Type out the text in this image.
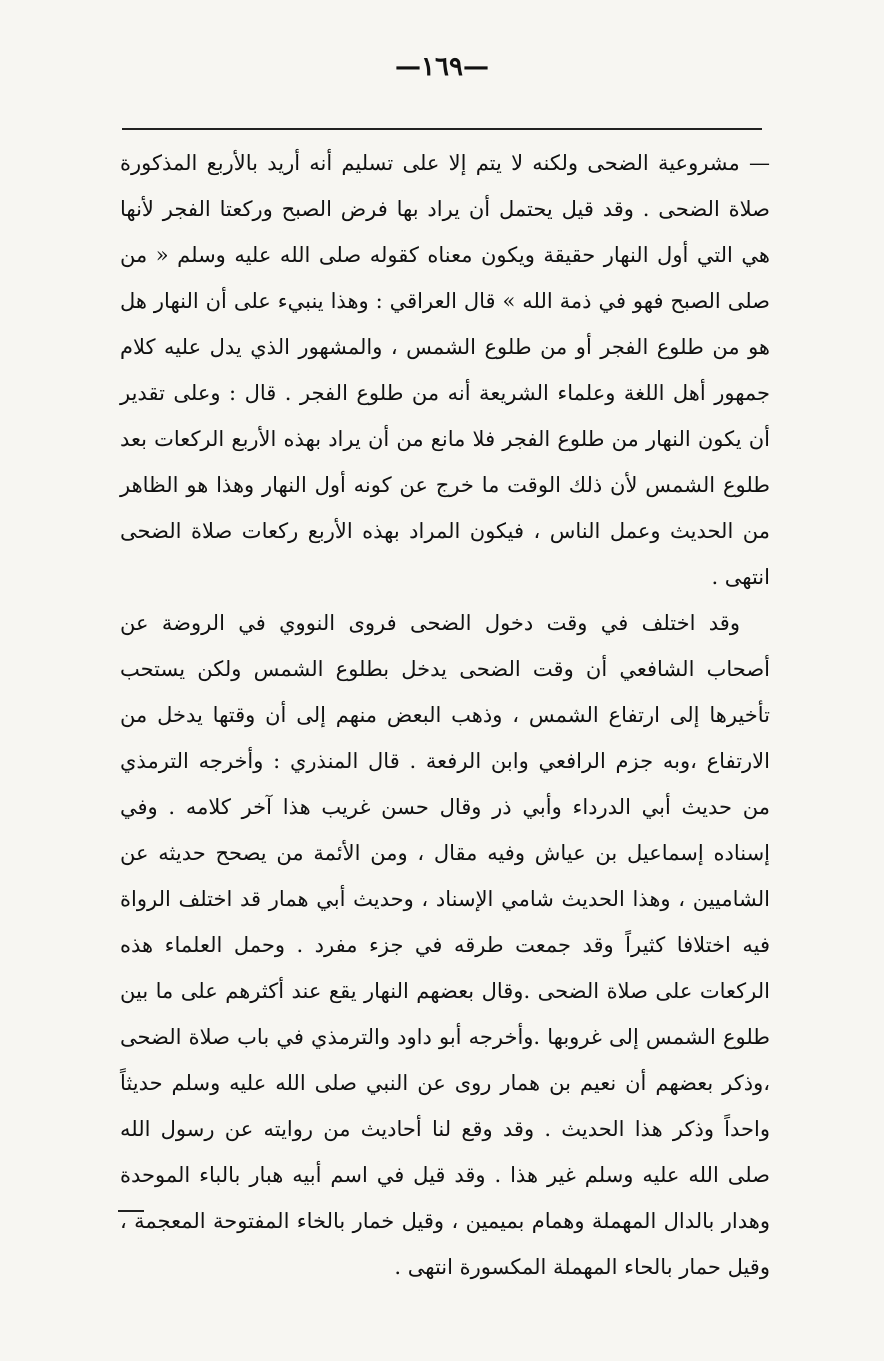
—١٦٩—

— مشروعية الضحى ولكنه لا يتم إلا على تسليم أنه أريد بالأربع المذكورة صلاة الضحى . وقد قيل يحتمل أن يراد بها فرض الصبح وركعتا الفجر لأنها هي التي أول النهار حقيقة ويكون معناه كقوله صلى الله عليه وسلم « من صلى الصبح فهو في ذمة الله » قال العراقي : وهذا ينبيء على أن النهار هل هو من طلوع الفجر أو من طلوع الشمس ، والمشهور الذي يدل عليه كلام جمهور أهل اللغة وعلماء الشريعة أنه من طلوع الفجر . قال : وعلى تقدير أن يكون النهار من طلوع الفجر فلا مانع من أن يراد بهذه الأربع الركعات بعد طلوع الشمس لأن ذلك الوقت ما خرج عن كونه أول النهار وهذا هو الظاهر من الحديث وعمل الناس ، فيكون المراد بهذه الأربع ركعات صلاة الضحى انتهى .

وقد اختلف في وقت دخول الضحى فروى النووي في الروضة عن أصحاب الشافعي أن وقت الضحى يدخل بطلوع الشمس ولكن يستحب تأخيرها إلى ارتفاع الشمس ، وذهب البعض منهم إلى أن وقتها يدخل من الارتفاع ،وبه جزم الرافعي وابن الرفعة . قال المنذري : وأخرجه الترمذي من حديث أبي الدرداء وأبي ذر وقال حسن غريب هذا آخر كلامه . وفي إسناده إسماعيل بن عياش وفيه مقال ، ومن الأئمة من يصحح حديثه عن الشاميين ، وهذا الحديث شامي الإسناد ، وحديث أبي همار قد اختلف الرواة فيه اختلافا كثيراً وقد جمعت طرقه في جزء مفرد . وحمل العلماء هذه الركعات على صلاة الضحى .وقال بعضهم النهار يقع عند أكثرهم على ما بين طلوع الشمس إلى غروبها .وأخرجه أبو داود والترمذي في باب صلاة الضحى ،وذكر بعضهم أن نعيم بن همار روى عن النبي صلى الله عليه وسلم حديثاً واحداً وذكر هذا الحديث . وقد وقع لنا أحاديث من روايته عن رسول الله صلى الله عليه وسلم غير هذا . وقد قيل في اسم أبيه هبار بالباء الموحدة وهدار بالدال المهملة وهمام بميمين ، وقيل خمار بالخاء المفتوحة المعجمة ، وقيل حمار بالحاء المهملة المكسورة انتهى .
